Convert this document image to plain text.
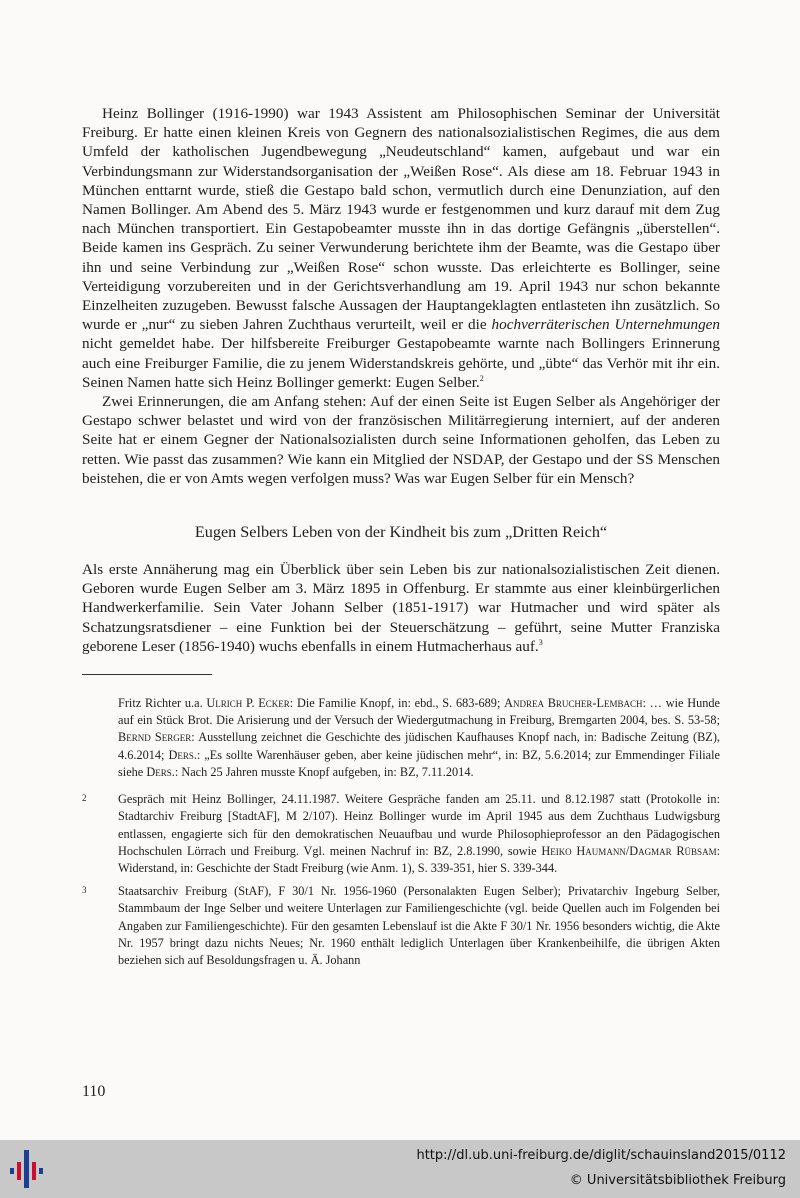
Heinz Bollinger (1916-1990) war 1943 Assistent am Philosophischen Seminar der Universität Freiburg. Er hatte einen kleinen Kreis von Gegnern des nationalsozialistischen Regimes, die aus dem Umfeld der katholischen Jugendbewegung „Neudeutschland“ kamen, aufgebaut und war ein Verbindungsmann zur Widerstandsorganisation der „Weißen Rose“. Als diese am 18. Februar 1943 in München enttarnt wurde, stieß die Gestapo bald schon, vermutlich durch eine Denunziation, auf den Namen Bollinger. Am Abend des 5. März 1943 wurde er festgenommen und kurz darauf mit dem Zug nach München transportiert. Ein Gestapobeamter musste ihn in das dortige Gefängnis „überstellen“. Beide kamen ins Gespräch. Zu seiner Verwunderung berichtete ihm der Beamte, was die Gestapo über ihn und seine Verbindung zur „Weißen Rose“ schon wusste. Das erleichterte es Bollinger, seine Verteidigung vorzubereiten und in der Gerichtsverhandlung am 19. April 1943 nur schon bekannte Einzelheiten zuzugeben. Bewusst falsche Aussagen der Hauptangeklagten entlasteten ihn zusätzlich. So wurde er „nur“ zu sieben Jahren Zuchthaus verurteilt, weil er die hochverräterischen Unternehmungen nicht gemeldet habe. Der hilfsbereite Freiburger Gestapobeamte warnte nach Bollingers Erinnerung auch eine Freiburger Familie, die zu jenem Widerstandskreis gehörte, und „übte“ das Verhör mit ihr ein. Seinen Namen hatte sich Heinz Bollinger gemerkt: Eugen Selber.$^2$

Zwei Erinnerungen, die am Anfang stehen: Auf der einen Seite ist Eugen Selber als Angehöriger der Gestapo schwer belastet und wird von der französischen Militärregierung interniert, auf der anderen Seite hat er einem Gegner der Nationalsozialisten durch seine Informationen geholfen, das Leben zu retten. Wie passt das zusammen? Wie kann ein Mitglied der NSDAP, der Gestapo und der SS Menschen beistehen, die er von Amts wegen verfolgen muss? Was war Eugen Selber für ein Mensch?

Eugen Selbers Leben von der Kindheit bis zum „Dritten Reich“

Als erste Annäherung mag ein Überblick über sein Leben bis zur nationalsozialistischen Zeit dienen. Geboren wurde Eugen Selber am 3. März 1895 in Offenburg. Er stammte aus einer kleinbürgerlichen Handwerkerfamilie. Sein Vater Johann Selber (1851-1917) war Hutmacher und wird später als Schatzungsratsdiener – eine Funktion bei der Steuerschätzung – geführt, seine Mutter Franziska geborene Leser (1856-1940) wuchs ebenfalls in einem Hutmacherhaus auf.$^3$

Fritz Richter u.a. Ulrich P. Ecker: Die Familie Knopf, in: ebd., S. 683-689; Andrea Brucher-Lembach: … wie Hunde auf ein Stück Brot. Die Arisierung und der Versuch der Wiedergutmachung in Freiburg, Bremgarten 2004, bes. S. 53-58; Bernd Serger: Ausstellung zeichnet die Geschichte des jüdischen Kaufhauses Knopf nach, in: Badische Zeitung (BZ), 4.6.2014; Ders.: „Es sollte Warenhäuser geben, aber keine jüdischen mehr“, in: BZ, 5.6.2014; zur Emmendinger Filiale siehe Ders.: Nach 25 Jahren musste Knopf aufgeben, in: BZ, 7.11.2014.
2	Gespräch mit Heinz Bollinger, 24.11.1987. Weitere Gespräche fanden am 25.11. und 8.12.1987 statt (Protokolle in: Stadtarchiv Freiburg [StadtAF], M 2/107). Heinz Bollinger wurde im April 1945 aus dem Zuchthaus Ludwigsburg entlassen, engagierte sich für den demokratischen Neuaufbau und wurde Philosophieprofessor an den Pädagogischen Hochschulen Lörrach und Freiburg. Vgl. meinen Nachruf in: BZ, 2.8.1990, sowie Heiko Haumann/Dagmar Rübsam: Widerstand, in: Geschichte der Stadt Freiburg (wie Anm. 1), S. 339-351, hier S. 339-344.
3	Staatsarchiv Freiburg (StAF), F 30/1 Nr. 1956-1960 (Personalakten Eugen Selber); Privatarchiv Ingeburg Selber, Stammbaum der Inge Selber und weitere Unterlagen zur Familiengeschichte (vgl. beide Quellen auch im Folgenden bei Angaben zur Familiengeschichte). Für den gesamten Lebenslauf ist die Akte F 30/1 Nr. 1956 besonders wichtig, die Akte Nr. 1957 bringt dazu nichts Neues; Nr. 1960 enthält lediglich Unterlagen über Krankenbeihilfe, die übrigen Akten beziehen sich auf Besoldungsfragen u. Ä. Johann
110
http://dl.ub.uni-freiburg.de/diglit/schauinsland2015/0112
© Universitätsbibliothek Freiburg
